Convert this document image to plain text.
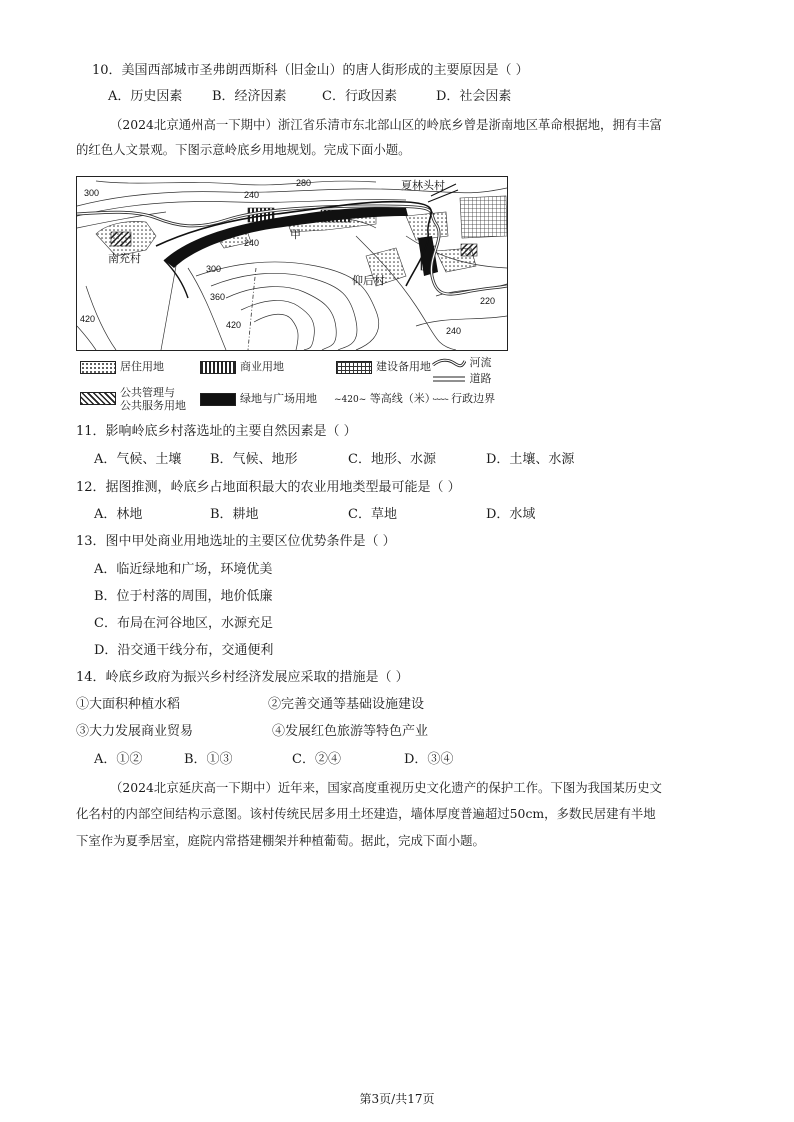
10．美国西部城市圣弗朗西斯科（旧金山）的唐人街形成的主要原因是（ ）
A．历史因素 B．经济因素	C．行政因素	D．社会因素
（2024北京通州高一下期中）浙江省乐清市东北部山区的岭底乡曾是浙南地区革命根据地，拥有丰富
的红色人文景观。下图示意岭底乡用地规划。完成下面小题。
夏林头村
南充村
甲
仰后村
300	240
280
240
300
360
420
420
220
240
居住用地	商业用地	建设备用地	河流
道路
公共管理与
公共服务用地
绿地与广场用地 ~420~ 等高线（米）
·-·-·-·- 行政边界
11．影响岭底乡村落选址的主要自然因素是（ ）
A．气候、土壤 B．气候、地形	C．地形、水源	D．土壤、水源
12．据图推测，岭底乡占地面积最大的农业用地类型最可能是（ ）
A．林地	B．耕地	C．草地	D．水域
13．图中甲处商业用地选址的主要区位优势条件是（ ）
A．临近绿地和广场，环境优美
B．位于村落的周围，地价低廉
C．布局在河谷地区，水源充足
D．沿交通干线分布，交通便利
14．岭底乡政府为振兴乡村经济发展应采取的措施是（ ）
①大面积种植水稻	②完善交通等基础设施建设
③大力发展商业贸易	④发展红色旅游等特色产业
A．①②	B．①③	C．②④	D．③④
（2024北京延庆高一下期中）近年来，国家高度重视历史文化遗产的保护工作。下图为我国某历史文
化名村的内部空间结构示意图。该村传统民居多用土坯建造，墙体厚度普遍超过50cm，多数民居建有半地
下室作为夏季居室，庭院内常搭建棚架并种植葡萄。据此，完成下面小题。
第3页/共17页
